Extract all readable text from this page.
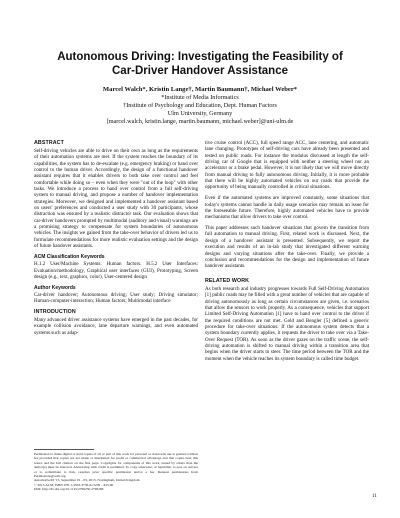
Autonomous Driving: Investigating the Feasibility of
Car-Driver Handover Assistance
Marcel Walch*, Kristin Lange†, Martin Baumann†, Michael Weber*
*Institute of Media Informatics
†Institute of Psychology and Education, Dept. Human Factors
Ulm University, Germany
[marcel.walch, kristin.lange, martin.baumann, michael.weber]@uni-ulm.de
ABSTRACT

Self-driving vehicles are able to drive on their own as long as the requirements of their automation systems are met. If the system reaches the boundary of its capabilities, the system has to de-escalate (e.g. emergency braking) or hand over control to the human driver. Accordingly, the design of a functional handover assistant requires that it enables drivers to both take over control and feel comfortable while doing so – even when they were "out of the loop" with other tasks. We introduce a process to hand over control from a full self-driving system to manual driving, and propose a number of handover implementation strategies. Moreover, we designed and implemented a handover assistant based on users' preferences and conducted a user study with 30 participants, whose distraction was ensured by a realistic distractor task. Our evaluation shows that car-driver handovers prompted by multimodal (auditory and visual) warnings are a promising strategy to compensate for system boundaries of autonomous vehicles. The insights we gained from the take-over behavior of drivers led us to formulate recommendations for more realistic evaluation settings and the design of future handover assistants.

ACM Classification Keywords

H.1.2 User/Machine Systems: Human factors. H.5.2 User Interfaces: Evaluation/methodology, Graphical user interfaces (GUI), Prototyping, Screen design (e.g., text, graphics, color), User-centered design

Author Keywords

Car-driver handover; Autonomous driving; User study; Driving simulator; Human-computer-interaction; Human factors; Multimodal interface

INTRODUCTION

Many advanced driver assistance systems have emerged in the past decades, for example collision avoidance, lane departure warnings, and even automated systems such as adap-

Permission to make digital or hard copies of all or part of this work for personal or classroom use is granted without fee provided that copies are not made or distributed for profit or commercial advantage and that copies bear this notice and the full citation on the first page. Copyrights for components of this work owned by others than the author(s) must be honored. Abstracting with credit is permitted. To copy otherwise, or republish, to post on servers or to redistribute to lists, requires prior specific permission and/or a fee. Request permissions from Permissions@acm.org.
AutomotiveUI '15, September 01 - 03, 2015, Nottingham, United Kingdom
© 2015 ACM. ISBN 978-1-4503-3736-6/15/09 ...$15.00
DOI: http://dx.doi.org/10.1145/2799250.2799268

tive cruise control (ACC), full speed range ACC, lane centering, and automatic lane changing. Prototypes of self-driving cars have already been presented and tested on public roads. For instance the modulus discussed at length the self-driving car of Google that is equipped with neither a steering wheel nor an accelerator or a brake pedal. However, it is not likely that we will move directly from manual driving to fully autonomous driving. Initially, it is more probable that there will be highly automated vehicles on our roads that provide the opportunity of being manually controlled in critical situations.

Even if the automated systems are improved constantly, some situations that today's systems cannot handle in daily usage scenarios may remain an issue for the foreseeable future. Therefore, highly automated vehicles have to provide mechanisms that allow drivers to take over control.

This paper addresses such handover situations that govern the transition from full automation to manual driving. First, related work is discussed. Next, the design of a handover assistant is presented. Subsequently, we report the execution and results of an in-lab study that investigated different warning designs and varying situations after the take-over. Finally, we provide a conclusion and recommendations for the design and implementation of future handover assistants.

RELATED WORK

As both research and industry progresses towards Full Self-Driving Automation [1] public roads may be filled with a great number of vehicles that are capable of driving autonomously as long as certain circumstances are given, i.e. scenarios that allow the sensors to work properly. As a consequence, vehicles that support Limited Self-Driving Automation [1] have to hand over control to the driver if the required conditions are not met. Gold and Bengler [5] defined a generic procedure for take-over situations: If the autonomous system detects that a system boundary currently applies, it requests the driver to take over via a Take-Over Request (TOR). As soon as the driver gazes on the traffic scene, the self-driving automation is shifted to manual driving within a transition area that begins when the driver starts to steer. The time period between the TOR and the moment when the vehicle reaches its system boundary is called time budget.

11
